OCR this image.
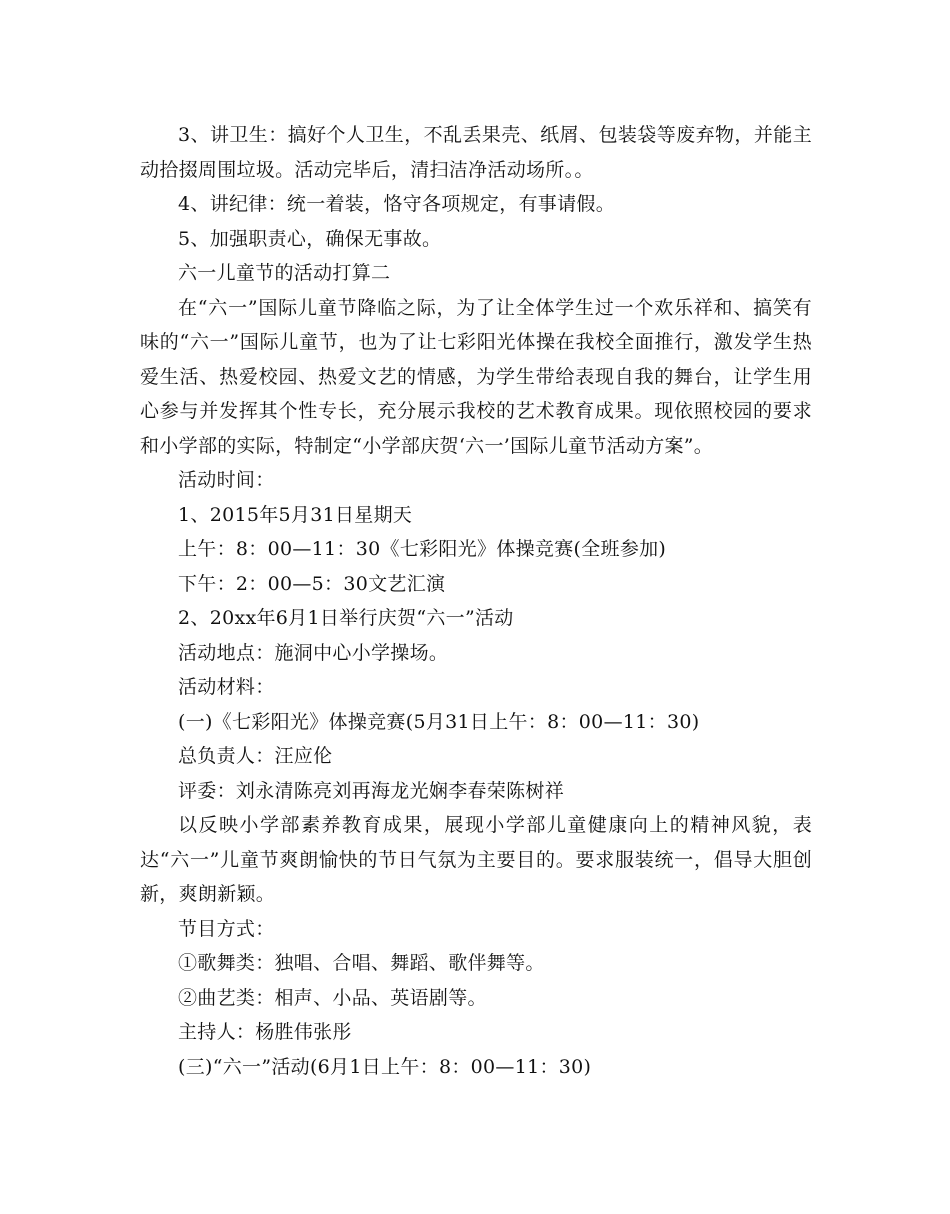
3、讲卫生：搞好个人卫生，不乱丢果壳、纸屑、包装袋等废弃物，并能主动拾掇周围垃圾。活动完毕后，清扫洁净活动场所。。

4、讲纪律：统一着装，恪守各项规定，有事请假。

5、加强职责心，确保无事故。

六一儿童节的活动打算二

在“六一”国际儿童节降临之际，为了让全体学生过一个欢乐祥和、搞笑有味的“六一”国际儿童节，也为了让七彩阳光体操在我校全面推行，激发学生热爱生活、热爱校园、热爱文艺的情感，为学生带给表现自我的舞台，让学生用心参与并发挥其个性专长，充分展示我校的艺术教育成果。现依照校园的要求和小学部的实际，特制定“小学部庆贺‘六一’国际儿童节活动方案”。

活动时间：

1、2015年5月31日星期天

上午：8：00—11：30《七彩阳光》体操竞赛(全班参加)

下午：2：00—5：30文艺汇演

2、20xx年6月1日举行庆贺“六一”活动

活动地点：施洞中心小学操场。

活动材料：

(一)《七彩阳光》体操竞赛(5月31日上午：8：00—11：30)

总负责人：汪应伦

评委：刘永清陈亮刘再海龙光娴李春荣陈树祥

以反映小学部素养教育成果，展现小学部儿童健康向上的精神风貌，表达“六一”儿童节爽朗愉快的节日气氛为主要目的。要求服装统一，倡导大胆创新，爽朗新颖。

节目方式：

①歌舞类：独唱、合唱、舞蹈、歌伴舞等。

②曲艺类：相声、小品、英语剧等。

主持人：杨胜伟张彤

(三)“六一”活动(6月1日上午：8：00—11：30)
